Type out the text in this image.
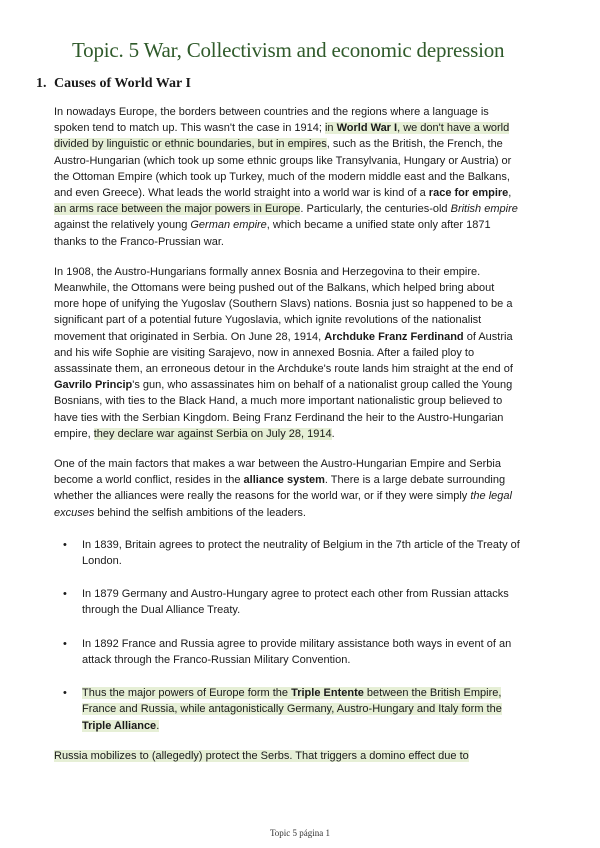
Topic. 5 War, Collectivism and economic depression
1. Causes of World War I

In nowadays Europe, the borders between countries and the regions where a language is spoken tend to match up. This wasn't the case in 1914; in World War I, we don't have a world divided by linguistic or ethnic boundaries, but in empires, such as the British, the French, the Austro-Hungarian (which took up some ethnic groups like Transylvania, Hungary or Austria) or the Ottoman Empire (which took up Turkey, much of the modern middle east and the Balkans, and even Greece). What leads the world straight into a world war is kind of a race for empire, an arms race between the major powers in Europe. Particularly, the centuries-old British empire against the relatively young German empire, which became a unified state only after 1871 thanks to the Franco-Prussian war.

In 1908, the Austro-Hungarians formally annex Bosnia and Herzegovina to their empire. Meanwhile, the Ottomans were being pushed out of the Balkans, which helped bring about more hope of unifying the Yugoslav (Southern Slavs) nations. Bosnia just so happened to be a significant part of a potential future Yugoslavia, which ignite revolutions of the nationalist movement that originated in Serbia. On June 28, 1914, Archduke Franz Ferdinand of Austria and his wife Sophie are visiting Sarajevo, now in annexed Bosnia. After a failed ploy to assassinate them, an erroneous detour in the Archduke's route lands him straight at the end of Gavrilo Princip's gun, who assassinates him on behalf of a nationalist group called the Young Bosnians, with ties to the Black Hand, a much more important nationalistic group believed to have ties with the Serbian Kingdom. Being Franz Ferdinand the heir to the Austro-Hungarian empire, they declare war against Serbia on July 28, 1914.

One of the main factors that makes a war between the Austro-Hungarian Empire and Serbia become a world conflict, resides in the alliance system. There is a large debate surrounding whether the alliances were really the reasons for the world war, or if they were simply the legal excuses behind the selfish ambitions of the leaders.

• In 1839, Britain agrees to protect the neutrality of Belgium in the 7th article of the Treaty of London.
• In 1879 Germany and Austro-Hungary agree to protect each other from Russian attacks through the Dual Alliance Treaty.
• In 1892 France and Russia agree to provide military assistance both ways in event of an attack through the Franco-Russian Military Convention.
• Thus the major powers of Europe form the Triple Entente between the British Empire, France and Russia, while antagonistically Germany, Austro-Hungary and Italy form the Triple Alliance.

Russia mobilizes to (allegedly) protect the Serbs. That triggers a domino effect due to

Topic 5 página 1
